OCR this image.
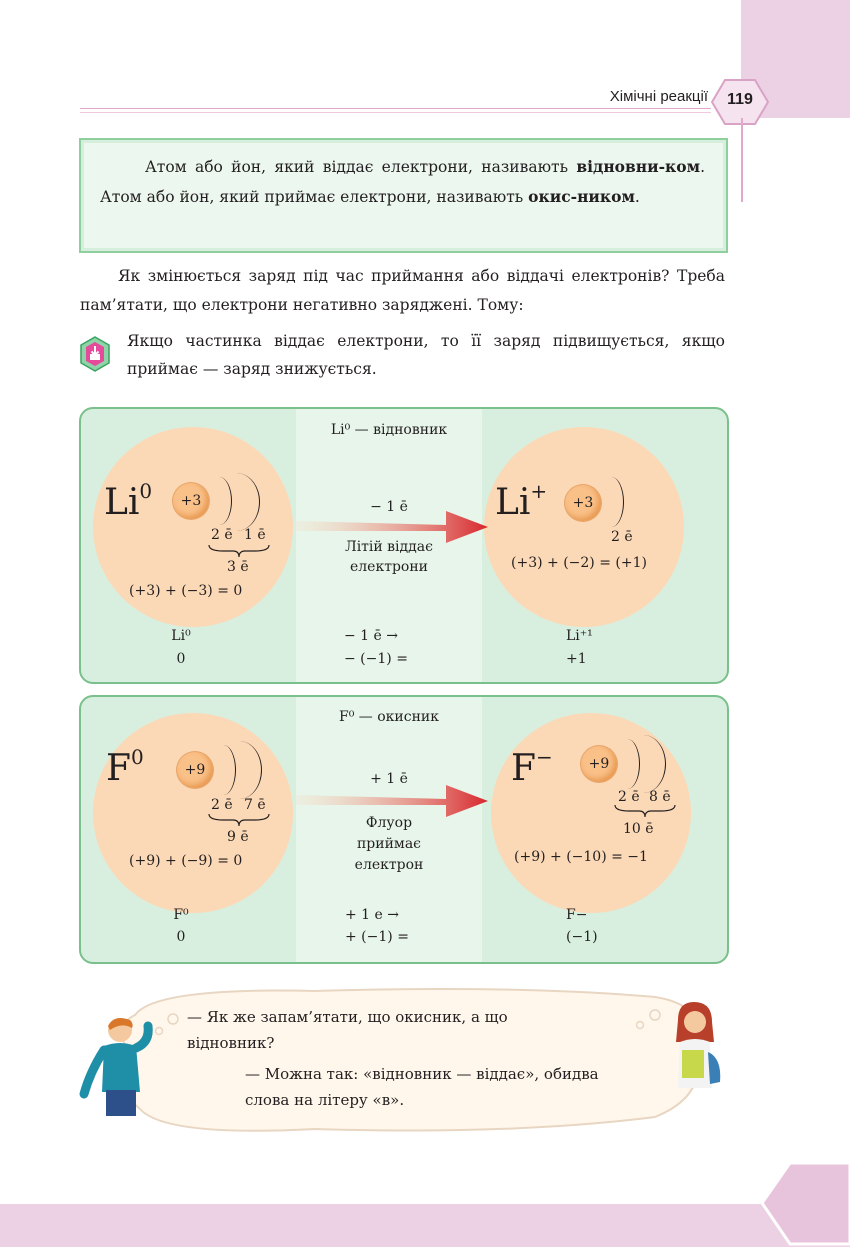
Хімічні реакції	119

Атом або йон, який віддає електрони, називають відновни-ком. Атом або йон, який приймає електрони, називають окис-ником.

Як змінюється заряд під час приймання або віддачі електронів? Треба пам’ятати, що електрони негативно заряджені. Тому:

Якщо частинка віддає електрони, то її заряд підвищується, якщо приймає — заряд знижується.
Li⁰ — відновник
$Li^0$	+3
2 ē 1 ē
3 ē
(+3) + (−3) = 0
− 1 ē
Літій віддає
електрони
Li+	+3
2 ē
(+3) + (−2) = (+1)
Li⁰
0
− 1 ē →
− (−1) =
Li⁺¹
+1
F⁰ — окисник
$F^0$
+9
2 ē 7 ē
9 ē
(+9) + (−9) = 0
+ 1 ē
Флуор
приймає
електрон
F−	+9
2 ē 8 ē
10 ē
(+9) + (−10) = −1
F⁰
0
+ 1 e →
+ (−1) =
F−
(−1)
— Як же запам’ятати, що окисник, а що відновник?
— Можна так: «відновник — віддає», обидва слова на літеру «в».
